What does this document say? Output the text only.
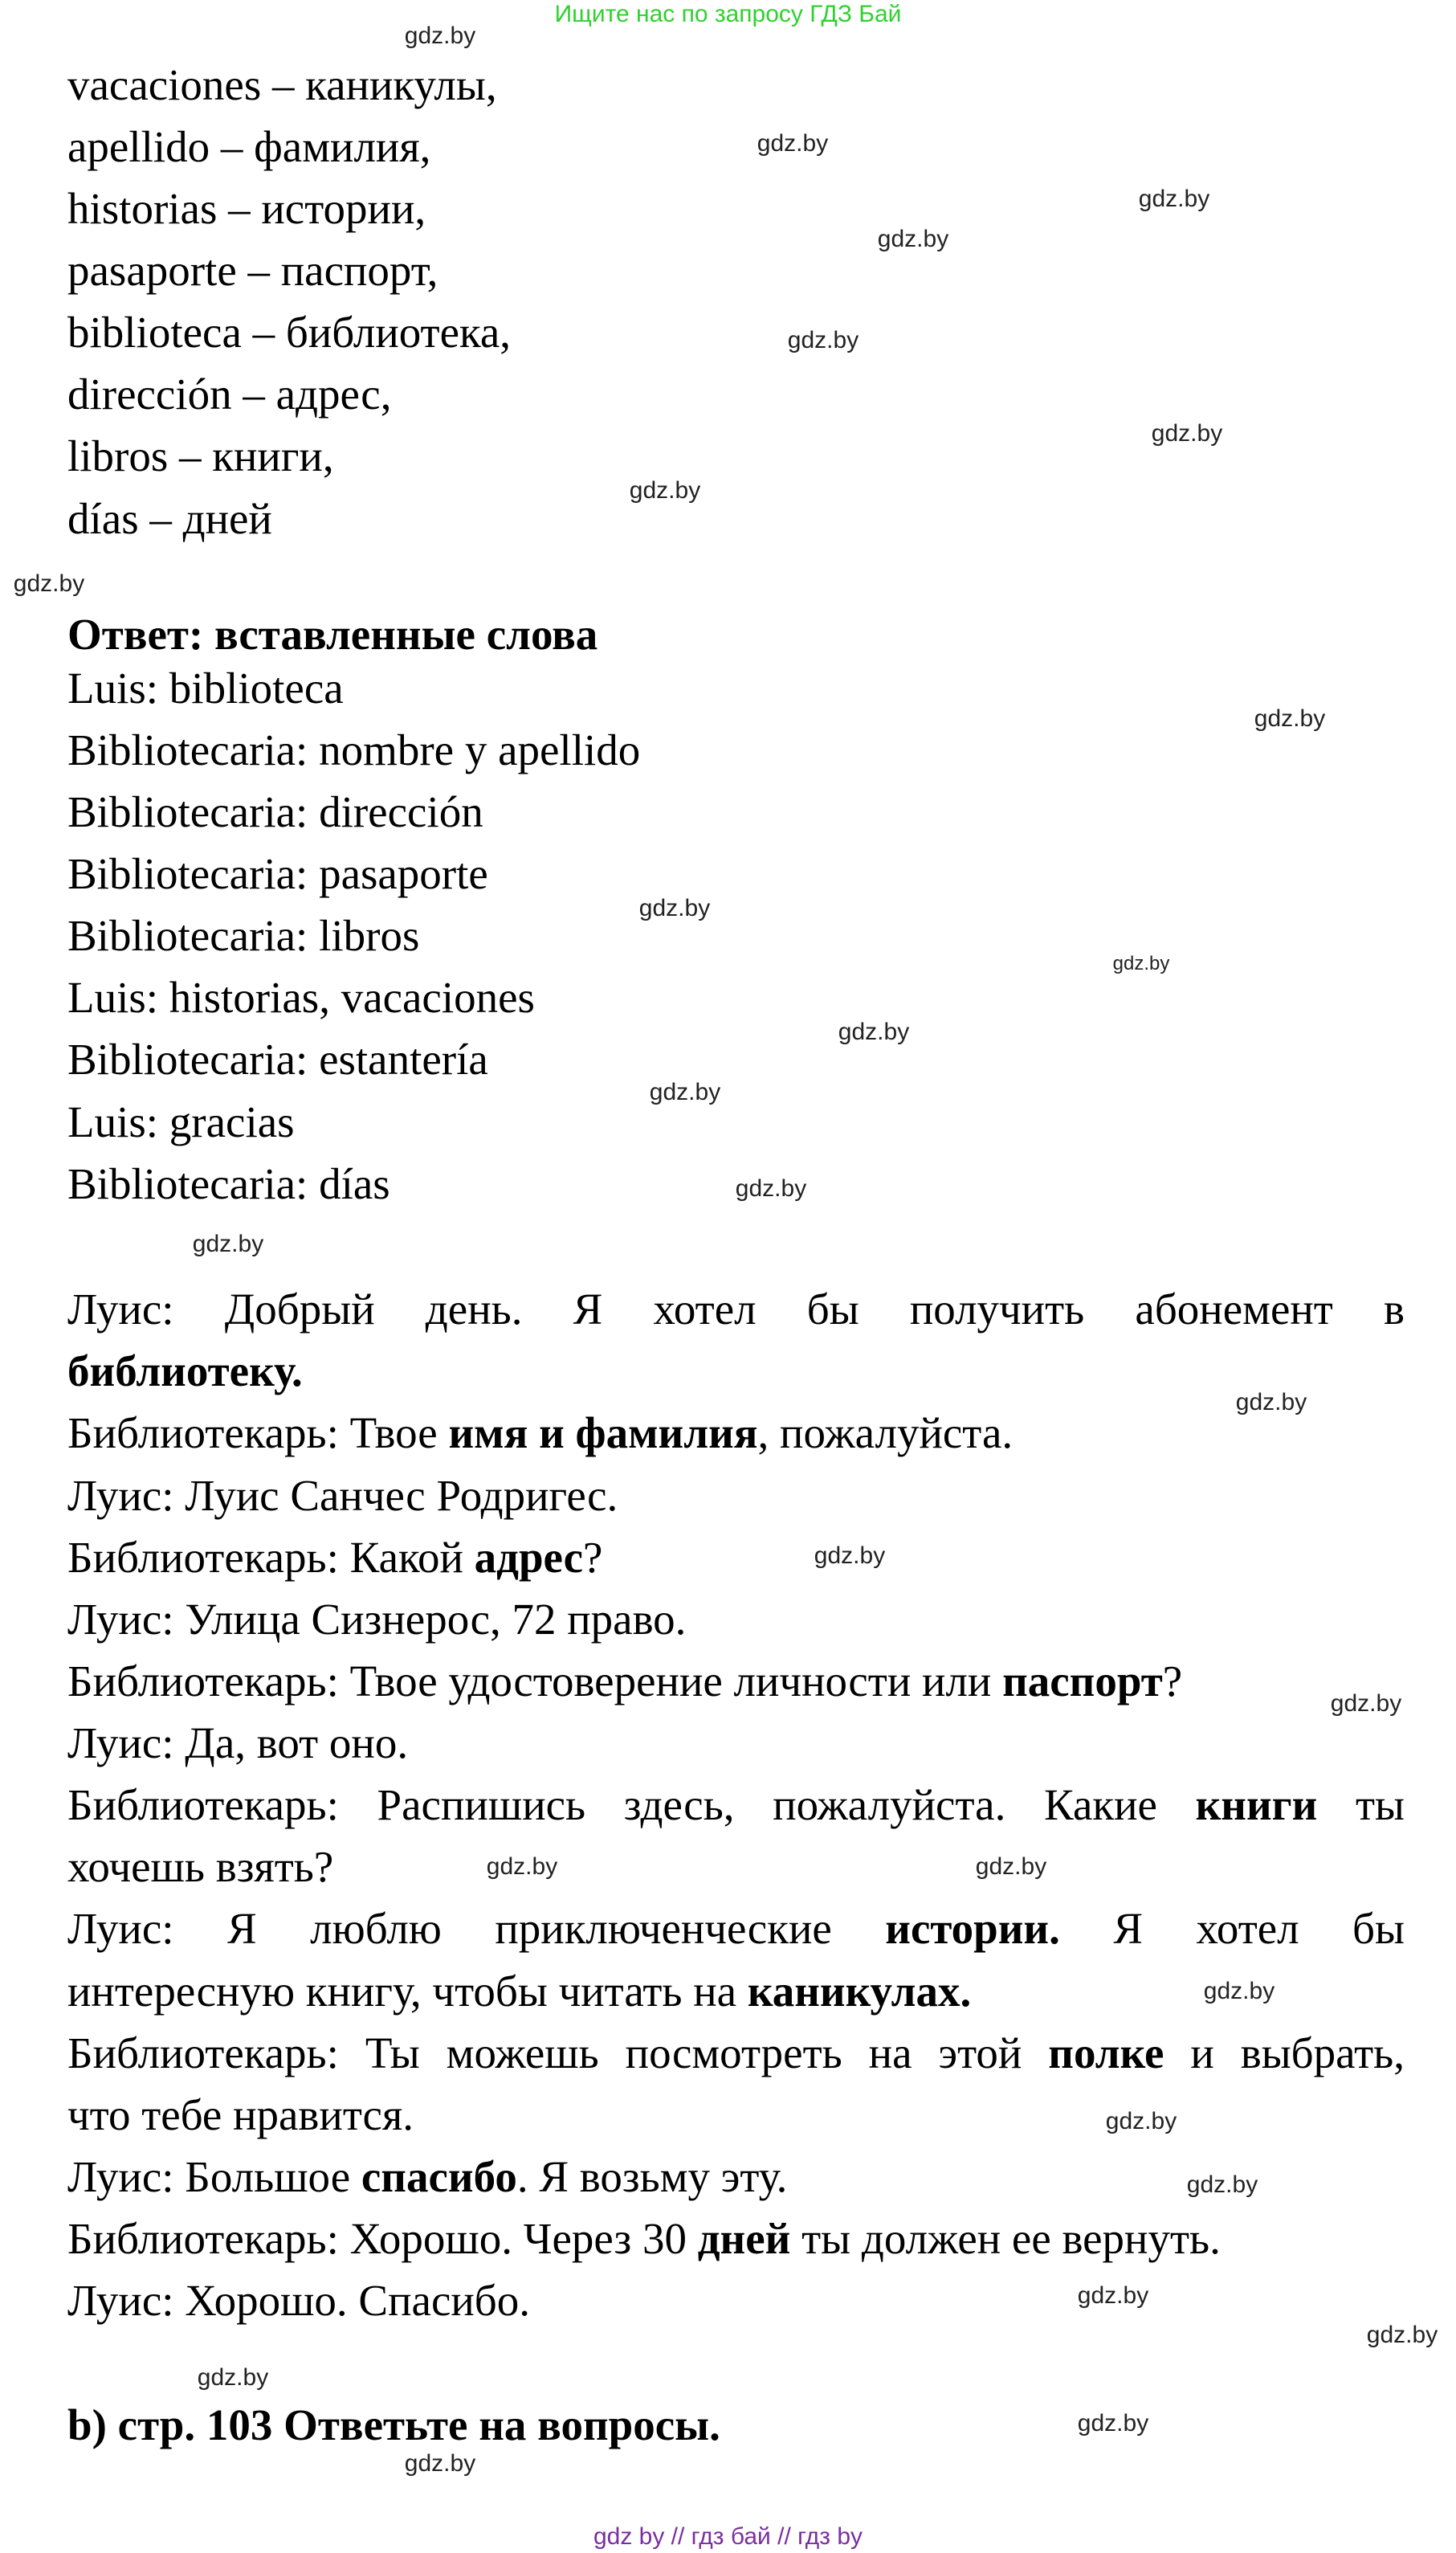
Ищите нас по запросу ГДЗ Бай
vacaciones – каникулы,
apellido – фамилия,
historias – истории,
pasaporte – паспорт,
biblioteca – библиотека,
dirección – адрес,
libros – книги,
días – дней
Ответ: вставленные слова
Luis: biblioteca
Bibliotecaria: nombre y apellido
Bibliotecaria: dirección
Bibliotecaria: pasaporte
Bibliotecaria: libros
Luis: historias, vacaciones
Bibliotecaria: estantería
Luis: gracias
Bibliotecaria: días
Луис: Добрый день. Я хотел бы получить абонемент в
библиотеку.
Библиотекарь: Твое имя и фамилия, пожалуйста.
Луис: Луис Санчес Родригес.
Библиотекарь: Какой адрес?
Луис: Улица Сизнерос, 72 право.
Библиотекарь: Твое удостоверение личности или паспорт?
Луис: Да, вот оно.
Библиотекарь: Распишись здесь, пожалуйста. Какие книги ты
хочешь взять?
Луис: Я люблю приключенческие истории. Я хотел бы
интересную книгу, чтобы читать на каникулах.
Библиотекарь: Ты можешь посмотреть на этой полке и выбрать,
что тебе нравится.
Луис: Большое спасибо. Я возьму эту.
Библиотекарь: Хорошо. Через 30 дней ты должен ее вернуть.
Луис: Хорошо. Спасибо.
b) стр. 103 Ответьте на вопросы.
gdz.by
gdz.by
gdz.by
gdz.by
gdz.by
gdz.by
gdz.by
gdz.by
gdz.by
gdz.by
gdz.by
gdz.by
gdz.by
gdz.by
gdz.by
gdz.by
gdz.by
gdz.by
gdz.by
gdz.by
gdz.by
gdz.by
gdz.by
gdz.by
gdz.by
gdz.by
gdz.by
gdz.by
gdz by // гдз бай // гдз by
